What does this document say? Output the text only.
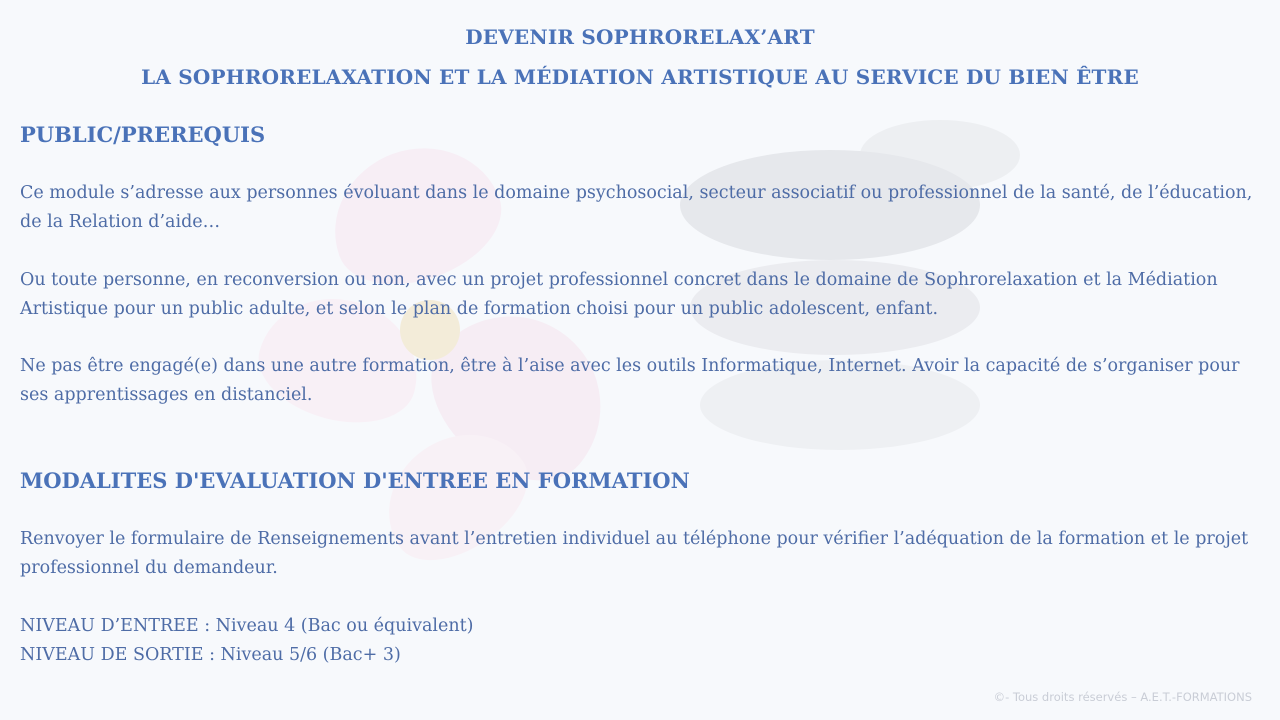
DEVENIR SOPHRORELAX’ART
LA SOPHRORELAXATION ET LA MÉDIATION ARTISTIQUE AU SERVICE DU BIEN ÊTRE
PUBLIC/PREREQUIS

Ce module s’adresse aux personnes évoluant dans le domaine psychosocial, secteur associatif ou professionnel de la santé, de l’éducation, de la Relation d’aide…

Ou toute personne, en reconversion ou non, avec un projet professionnel concret dans le domaine de Sophrorelaxation et la Médiation Artistique pour un public adulte, et selon le plan de formation choisi pour un public adolescent, enfant.

Ne pas être engagé(e) dans une autre formation, être à l’aise avec les outils Informatique, Internet. Avoir la capacité de s’organiser pour ses apprentissages en distanciel.

MODALITES D'EVALUATION D'ENTREE EN FORMATION

Renvoyer le formulaire de Renseignements avant l’entretien individuel au téléphone pour vérifier l’adéquation de la formation et le projet professionnel du demandeur.

NIVEAU D’ENTREE : Niveau 4 (Bac ou équivalent)
NIVEAU DE SORTIE : Niveau 5/6 (Bac+ 3)

©- Tous droits réservés – A.E.T.-FORMATIONS
